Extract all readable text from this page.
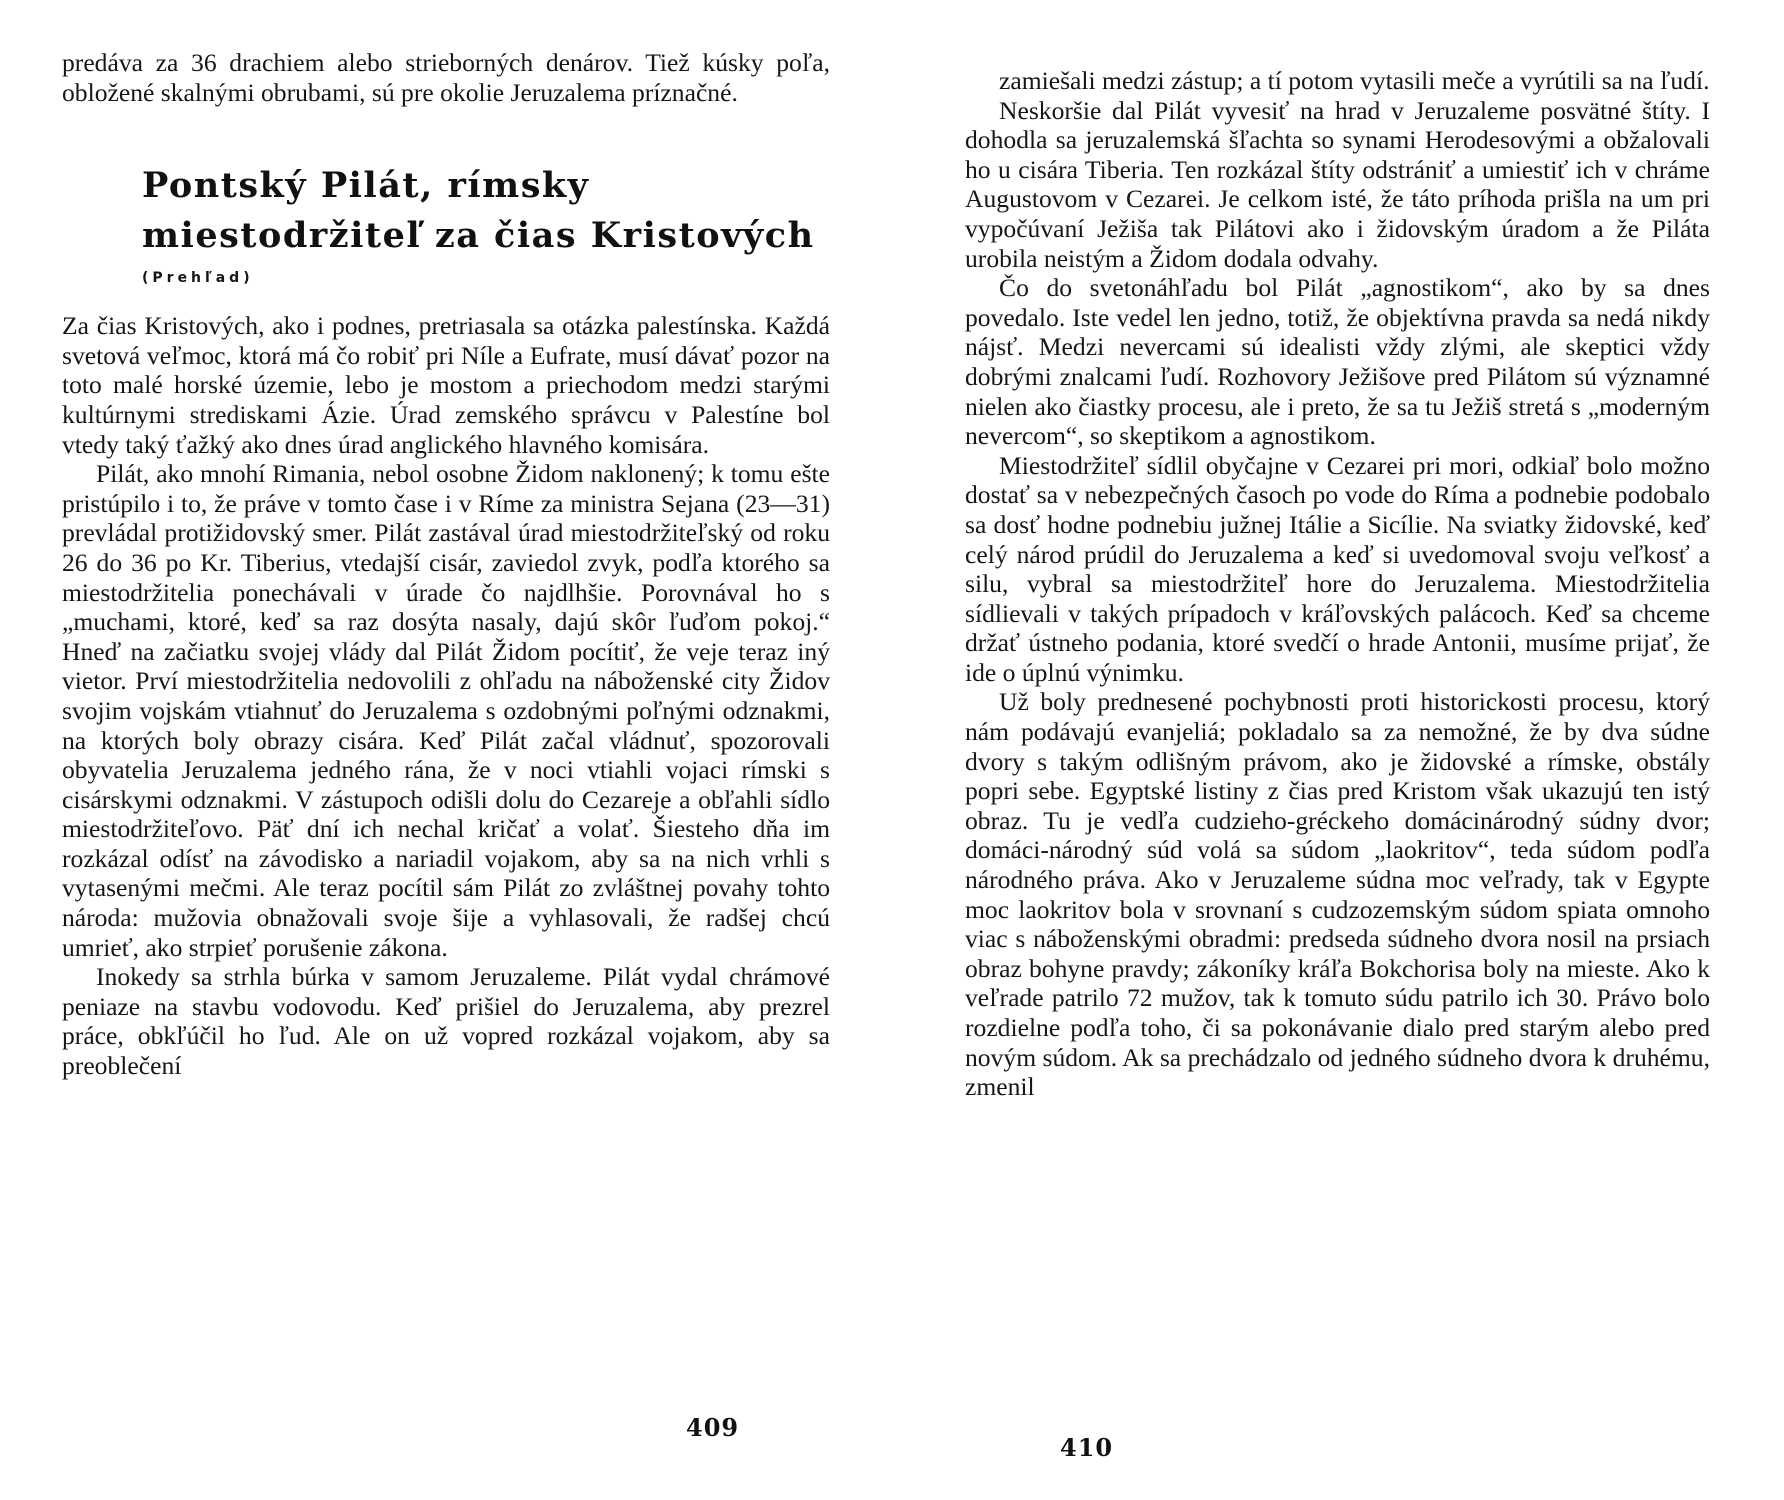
predáva za 36 drachiem alebo strieborných denárov. Tiež kúsky poľa, obložené skalnými obrubami, sú pre okolie Jeruzalema príznačné.

Pontský Pilát, rímsky
miestodržiteľ za čias Kristových
(Prehľad)

Za čias Kristových, ako i podnes, pretriasala sa otázka palestínska. Každá svetová veľmoc, ktorá má čo robiť pri Níle a Eufrate, musí dávať pozor na toto malé horské územie, lebo je mostom a priechodom medzi starými kultúrnymi strediskami Ázie. Úrad zemského správcu v Palestíne bol vtedy taký ťažký ako dnes úrad anglického hlavného komisára.

Pilát, ako mnohí Rimania, nebol osobne Židom naklonený; k tomu ešte pristúpilo i to, že práve v tomto čase i v Ríme za ministra Sejana (23—31) prevládal protižidovský smer. Pilát zastával úrad miestodržiteľský od roku 26 do 36 po Kr. Tiberius, vtedajší cisár, zaviedol zvyk, podľa ktorého sa miestodržitelia ponechávali v úrade čo najdlhšie. Porovnával ho s „muchami, ktoré, keď sa raz dosýta nasaly, dajú skôr ľuďom pokoj.“ Hneď na začiatku svojej vlády dal Pilát Židom pocítiť, že veje teraz iný vietor. Prví miestodržitelia nedovolili z ohľadu na náboženské city Židov svojim vojskám vtiahnuť do Jeruzalema s ozdobnými poľnými odznakmi, na ktorých boly obrazy cisára. Keď Pilát začal vládnuť, spozorovali obyvatelia Jeruzalema jedného rána, že v noci vtiahli vojaci rímski s cisárskymi odznakmi. V zástupoch odišli dolu do Cezareje a obľahli sídlo miestodržiteľovo. Päť dní ich nechal kričať a volať. Šiesteho dňa im rozkázal odísť na závodisko a nariadil vojakom, aby sa na nich vrhli s vytasenými mečmi. Ale teraz pocítil sám Pilát zo zvláštnej povahy tohto národa: mužovia obnažovali svoje šije a vyhlasovali, že radšej chcú umrieť, ako strpieť porušenie zákona.

Inokedy sa strhla búrka v samom Jeruzaleme. Pilát vydal chrámové peniaze na stavbu vodovodu. Keď prišiel do Jeruzalema, aby prezrel práce, obkľúčil ho ľud. Ale on už vopred rozkázal vojakom, aby sa preoblečení

409

zamiešali medzi zástup; a tí potom vytasili meče a vyrútili sa na ľudí.

Neskoršie dal Pilát vyvesiť na hrad v Jeruzaleme posvätné štíty. I dohodla sa jeruzalemská šľachta so synami Herodesovými a obžalovali ho u cisára Tiberia. Ten rozkázal štíty odstrániť a umiestiť ich v chráme Augustovom v Cezarei. Je celkom isté, že táto príhoda prišla na um pri vypočúvaní Ježiša tak Pilátovi ako i židovským úradom a že Piláta urobila neistým a Židom dodala odvahy.

Čo do svetonáhľadu bol Pilát „agnostikom“, ako by sa dnes povedalo. Iste vedel len jedno, totiž, že objektívna pravda sa nedá nikdy nájsť. Medzi nevercami sú idealisti vždy zlými, ale skeptici vždy dobrými znalcami ľudí. Rozhovory Ježišove pred Pilátom sú významné nielen ako čiastky procesu, ale i preto, že sa tu Ježiš stretá s „moderným nevercom“, so skeptikom a agnostikom.

Miestodržiteľ sídlil obyčajne v Cezarei pri mori, odkiaľ bolo možno dostať sa v nebezpečných časoch po vode do Ríma a podnebie podobalo sa dosť hodne podnebiu južnej Itálie a Sicílie. Na sviatky židovské, keď celý národ prúdil do Jeruzalema a keď si uvedomoval svoju veľkosť a silu, vybral sa miestodržiteľ hore do Jeruzalema. Miestodržitelia sídlievali v takých prípadoch v kráľovských palácoch. Keď sa chceme držať ústneho podania, ktoré svedčí o hrade Antonii, musíme prijať, že ide o úplnú výnimku.

Už boly prednesené pochybnosti proti historickosti procesu, ktorý nám podávajú evanjeliá; pokladalo sa za nemožné, že by dva súdne dvory s takým odlišným právom, ako je židovské a rímske, obstály popri sebe. Egyptské listiny z čias pred Kristom však ukazujú ten istý obraz. Tu je vedľa cudzieho-gréckeho domácinárodný súdny dvor; domáci-národný súd volá sa súdom „laokritov“, teda súdom podľa národného práva. Ako v Jeruzaleme súdna moc veľrady, tak v Egypte moc laokritov bola v srovnaní s cudzozemským súdom spiata omnoho viac s náboženskými obradmi: predseda súdneho dvora nosil na prsiach obraz bohyne pravdy; zákoníky kráľa Bokchorisa boly na mieste. Ako k veľrade patrilo 72 mužov, tak k tomuto súdu patrilo ich 30. Právo bolo rozdielne podľa toho, či sa pokonávanie dialo pred starým alebo pred novým súdom. Ak sa prechádzalo od jedného súdneho dvora k druhému, zmenil

410
